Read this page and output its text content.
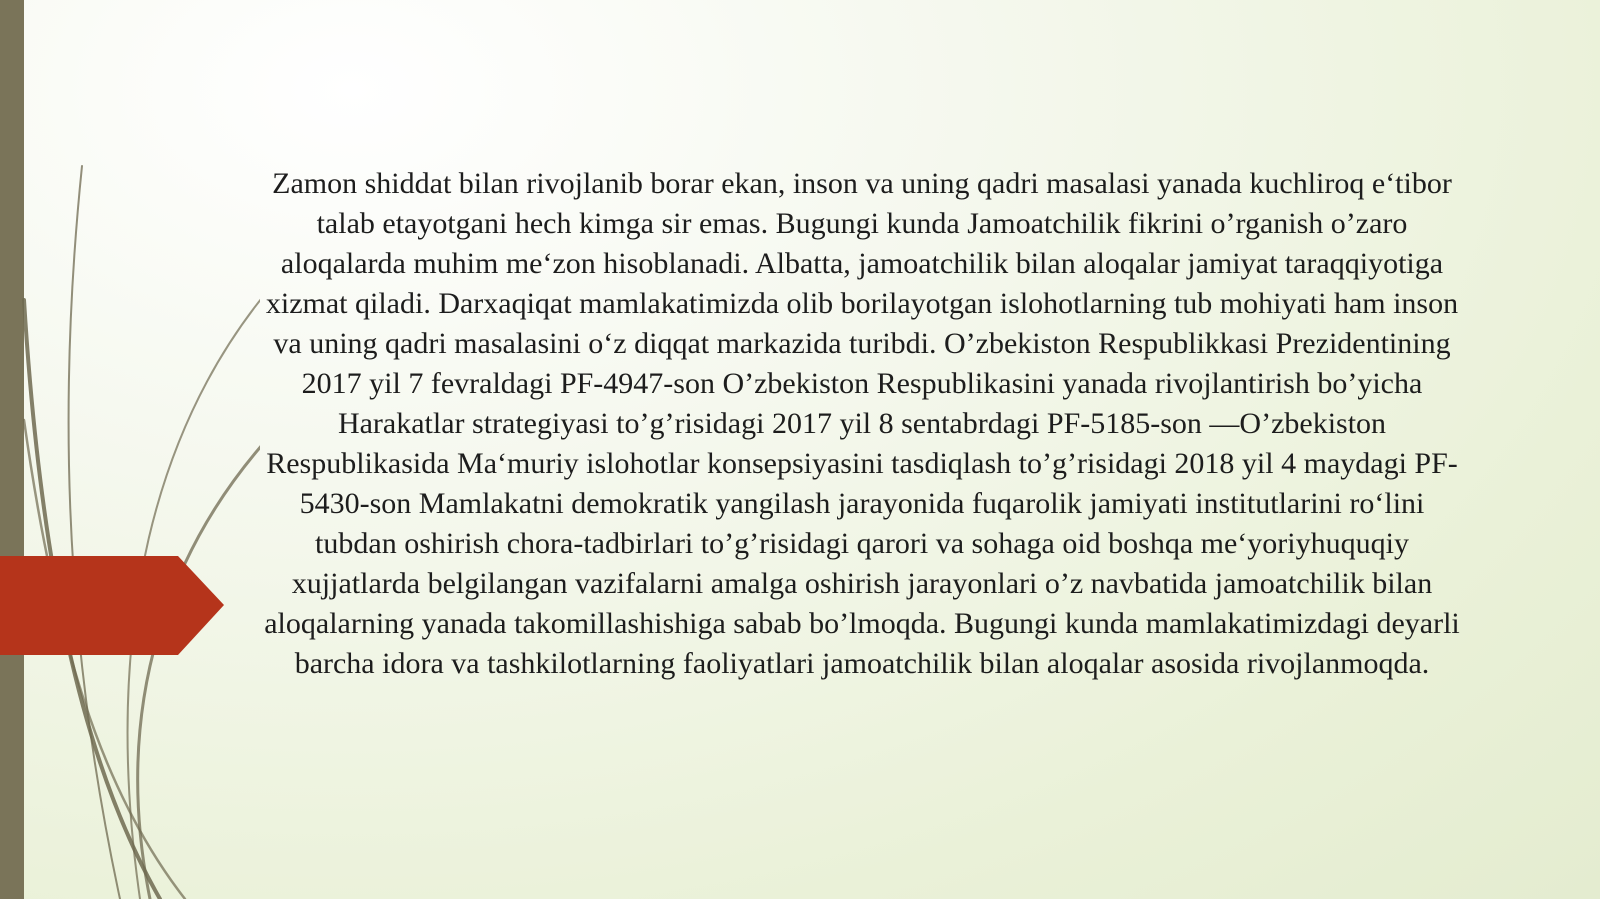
Zamon shiddat bilan rivojlanib borar ekan, inson va uning qadri masalasi yanada kuchliroq e‘tibor talab etayotgani hech kimga sir emas. Bugungi kunda Jamoatchilik fikrini o’rganish o’zaro aloqalarda muhim me‘zon hisoblanadi. Albatta, jamoatchilik bilan aloqalar jamiyat taraqqiyotiga xizmat qiladi. Darxaqiqat mamlakatimizda olib borilayotgan islohotlarning tub mohiyati ham inson va uning qadri masalasini o‘z diqqat markazida turibdi. O’zbekiston Respublikkasi Prezidentining 2017 yil 7 fevraldagi PF-4947-son O’zbekiston Respublikasini yanada rivojlantirish bo’yicha Harakatlar strategiyasi to’g’risidagi 2017 yil 8 sentabrdagi PF-5185-son —O’zbekiston Respublikasida Ma‘muriy islohotlar konsepsiyasini tasdiqlash to’g’risidagi 2018 yil 4 maydagi PF-5430-son Mamlakatni demokratik yangilash jarayonida fuqarolik jamiyati institutlarini ro‘lini tubdan oshirish chora-tadbirlari to’g’risidagi qarori va sohaga oid boshqa me‘yoriyhuquqiy xujjatlarda belgilangan vazifalarni amalga oshirish jarayonlari o’z navbatida jamoatchilik bilan aloqalarning yanada takomillashishiga sabab bo’lmoqda. Bugungi kunda mamlakatimizdagi deyarli barcha idora va tashkilotlarning faoliyatlari jamoatchilik bilan aloqalar asosida rivojlanmoqda.
